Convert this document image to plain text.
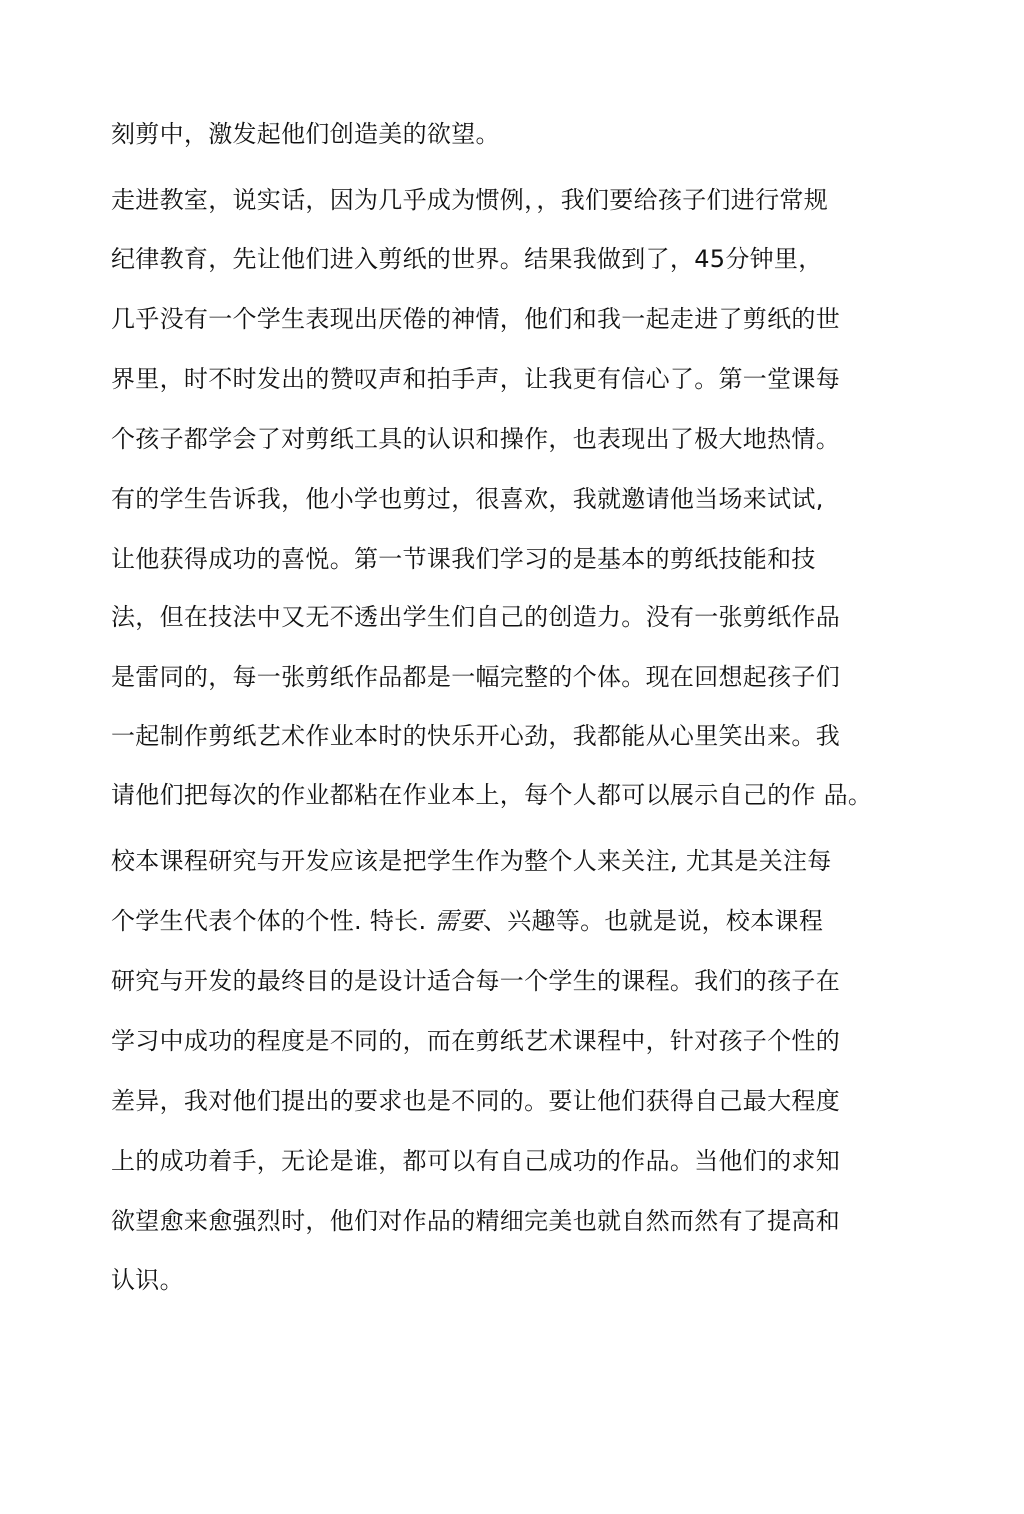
刻剪中，激发起他们创造美的欲望。
走进教室，说实话，因为几乎成为惯例，，我们要给孩子们进行常规
纪律教育，先让他们进入剪纸的世界。结果我做到了，45分钟里，
几乎没有一个学生表现出厌倦的神情，他们和我一起走进了剪纸的世
界里，时不时发出的赞叹声和拍手声，让我更有信心了。第一堂课每
个孩子都学会了对剪纸工具的认识和操作，也表现出了极大地热情。
有的学生告诉我，他小学也剪过，很喜欢，我就邀请他当场来试试,
让他获得成功的喜悦。第一节课我们学习的是基本的剪纸技能和技
法，但在技法中又无不透出学生们自己的创造力。没有一张剪纸作品
是雷同的，每一张剪纸作品都是一幅完整的个体。现在回想起孩子们
一起制作剪纸艺术作业本时的快乐开心劲，我都能从心里笑出来。我
请他们把每次的作业都粘在作业本上，每个人都可以展示自己的作 品。
校本课程研究与开发应该是把学生作为整个人来关注, 尤其是关注每
个学生代表个体的个性. 特长. 需要、兴趣等。也就是说，校本课程
研究与开发的最终目的是设计适合每一个学生的课程。我们的孩子在
学习中成功的程度是不同的，而在剪纸艺术课程中，针对孩子个性的
差异，我对他们提出的要求也是不同的。要让他们获得自己最大程度
上的成功着手，无论是谁，都可以有自己成功的作品。当他们的求知
欲望愈来愈强烈时，他们对作品的精细完美也就自然而然有了提高和
认识。
